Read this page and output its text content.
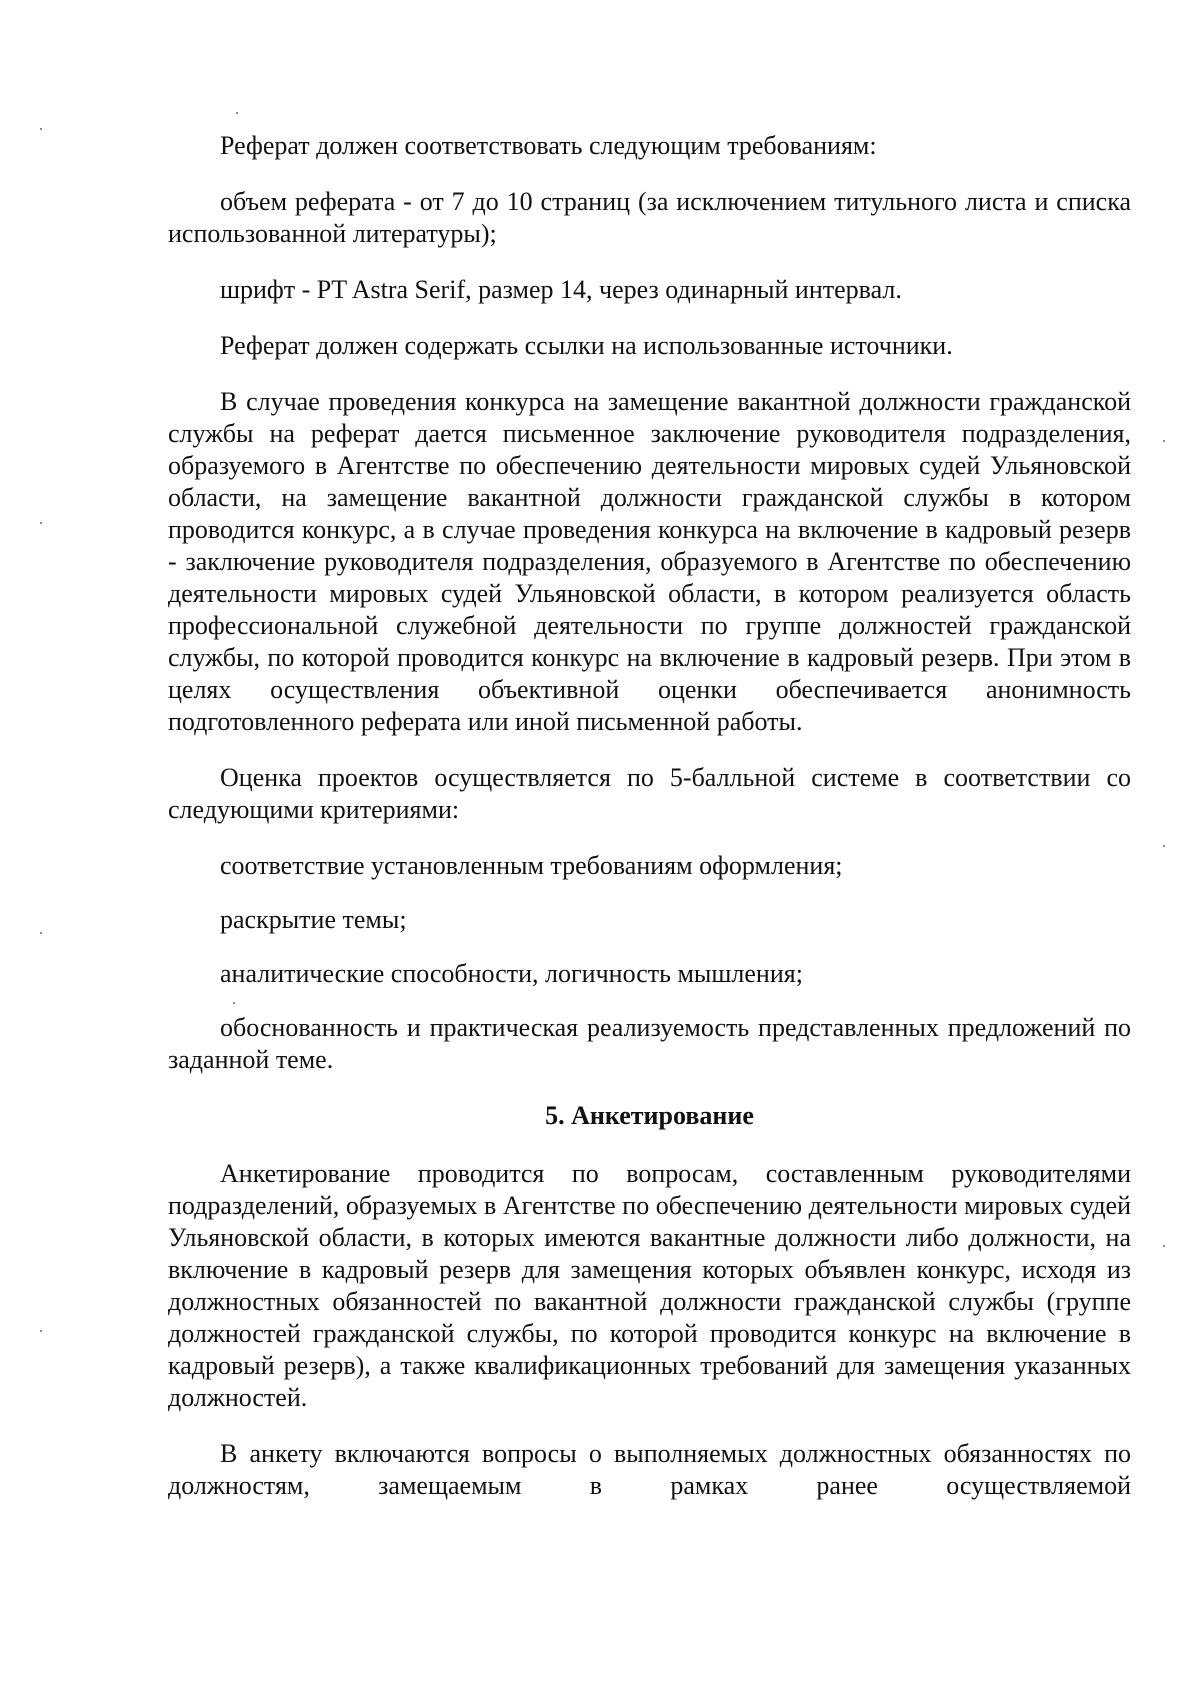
Реферат должен соответствовать следующим требованиям:

объем реферата - от 7 до 10 страниц (за исключением титульного листа и списка использованной литературы);

шрифт - PT Astra Serif, размер 14, через одинарный интервал.

Реферат должен содержать ссылки на использованные источники.

В случае проведения конкурса на замещение вакантной должности гражданской службы на реферат дается письменное заключение руководителя подразделения, образуемого в Агентстве по обеспечению деятельности мировых судей Ульяновской области, на замещение вакантной должности гражданской службы в котором проводится конкурс, а в случае проведения конкурса на включение в кадровый резерв - заключение руководителя подразделения, образуемого в Агентстве по обеспечению деятельности мировых судей Ульяновской области, в котором реализуется область профессиональной служебной деятельности по группе должностей гражданской службы, по которой проводится конкурс на включение в кадровый резерв. При этом в целях осуществления объективной оценки обеспечивается анонимность подготовленного реферата или иной письменной работы.

Оценка проектов осуществляется по 5-балльной системе в соответствии со следующими критериями:

соответствие установленным требованиям оформления;

раскрытие темы;

аналитические способности, логичность мышления;

обоснованность и практическая реализуемость представленных предложений по заданной теме.

5. Анкетирование

Анкетирование проводится по вопросам, составленным руководителями подразделений, образуемых в Агентстве по обеспечению деятельности мировых судей Ульяновской области, в которых имеются вакантные должности либо должности, на включение в кадровый резерв для замещения которых объявлен конкурс, исходя из должностных обязанностей по вакантной должности гражданской службы (группе должностей гражданской службы, по которой проводится конкурс на включение в кадровый резерв), а также квалификационных требований для замещения указанных должностей.

В анкету включаются вопросы о выполняемых должностных обязанностях по должностям, замещаемым в рамках ранее осуществляемой
